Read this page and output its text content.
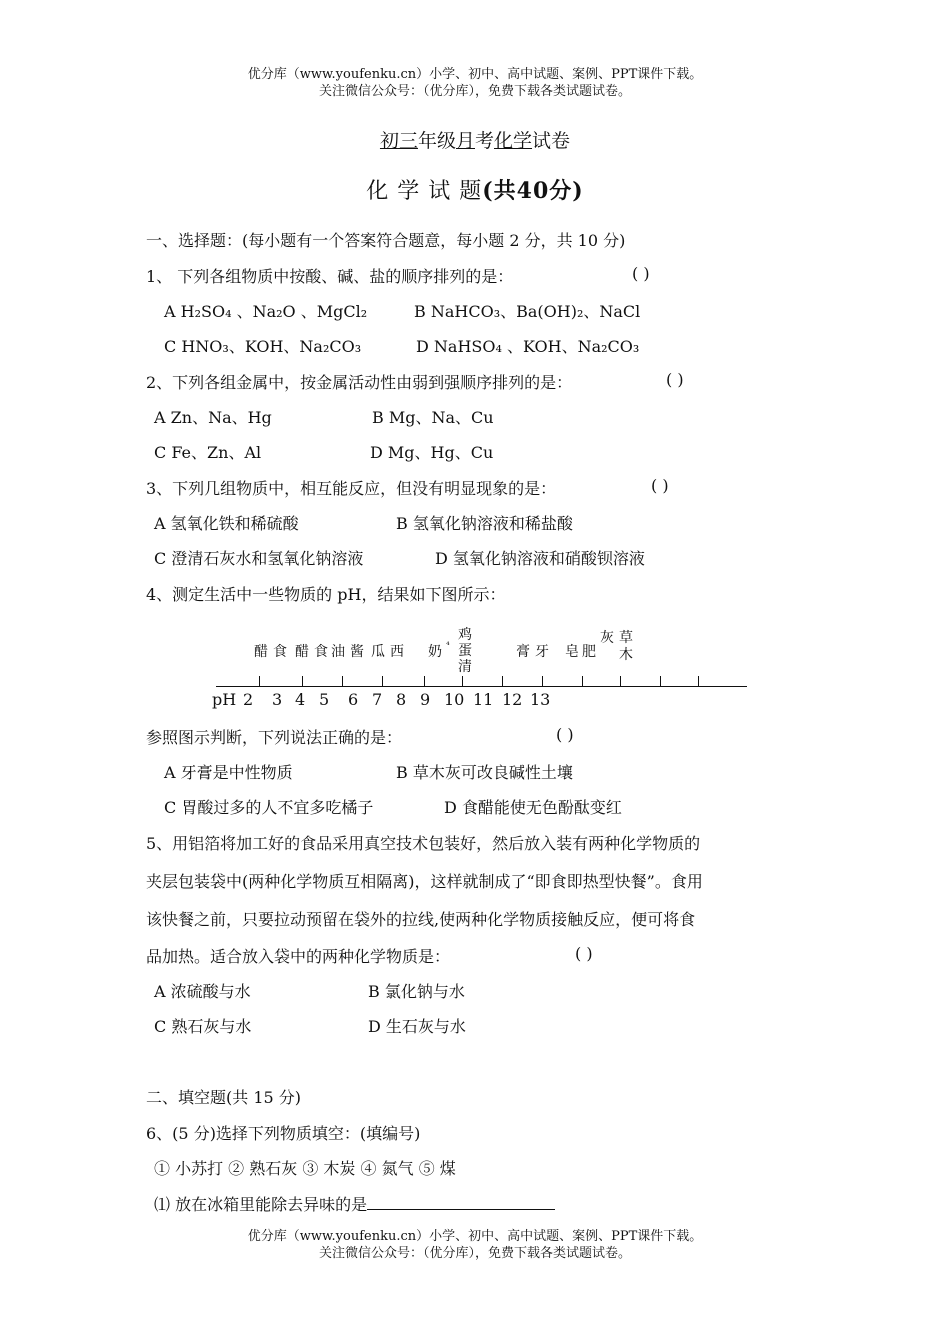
优分库（www.youfenku.cn）小学、初中、高中试题、案例、PPT课件下载。
关注微信公众号：（优分库），免费下载各类试题试卷。
初三年级月考化学试卷
化 学 试 题(共40分)
一、选择题：(每小题有一个答案符合题意，每小题 2 分，共 10 分)
1、 下列各组物质中按酸、碱、盐的顺序排列的是：	( )
A H₂SO₄ 、Na₂O 、MgCl₂	B NaHCO₃、Ba(OH)₂、NaCl
C HNO₃、KOH、Na₂CO₃	D NaHSO₄ 、KOH、Na₂CO₃
2、下列各组金属中，按金属活动性由弱到强顺序排列的是：	( )
A Zn、Na、Hg	B Mg、Na、Cu
C Fe、Zn、Al	D Mg、Hg、Cu
3、下列几组物质中，相互能反应，但没有明显现象的是：	( )
A 氢氧化铁和稀硫酸	B 氢氧化钠溶液和稀盐酸
C 澄清石灰水和氢氧化钠溶液	D 氢氧化钠溶液和硝酸钡溶液
4、测定生活中一些物质的 pH，结果如下图所示：
醋 食 醋 食 油 酱 瓜 西 奶 ⁴
鸡
蛋
清
膏 牙 皂 肥
灰 草
木
pH 2 3 4 5 6 7 8 9 10 11 12 13
参照图示判断，下列说法正确的是：	( )
A 牙膏是中性物质	B 草木灰可改良碱性土壤
C 胃酸过多的人不宜多吃橘子	D 食醋能使无色酚酞变红
5、用铝箔将加工好的食品采用真空技术包装好，然后放入装有两种化学物质的
夹层包装袋中(两种化学物质互相隔离)，这样就制成了“即食即热型快餐”。食用
该快餐之前，只要拉动预留在袋外的拉线,使两种化学物质接触反应，便可将食
品加热。适合放入袋中的两种化学物质是：	( )
A 浓硫酸与水	B 氯化钠与水
C 熟石灰与水	D 生石灰与水
二、填空题(共 15 分)
6、(5 分)选择下列物质填空：(填编号)
① 小苏打 ② 熟石灰 ③ 木炭 ④ 氮气 ⑤ 煤
⑴ 放在冰箱里能除去异味的是
优分库（www.youfenku.cn）小学、初中、高中试题、案例、PPT课件下载。
关注微信公众号：（优分库），免费下载各类试题试卷。
